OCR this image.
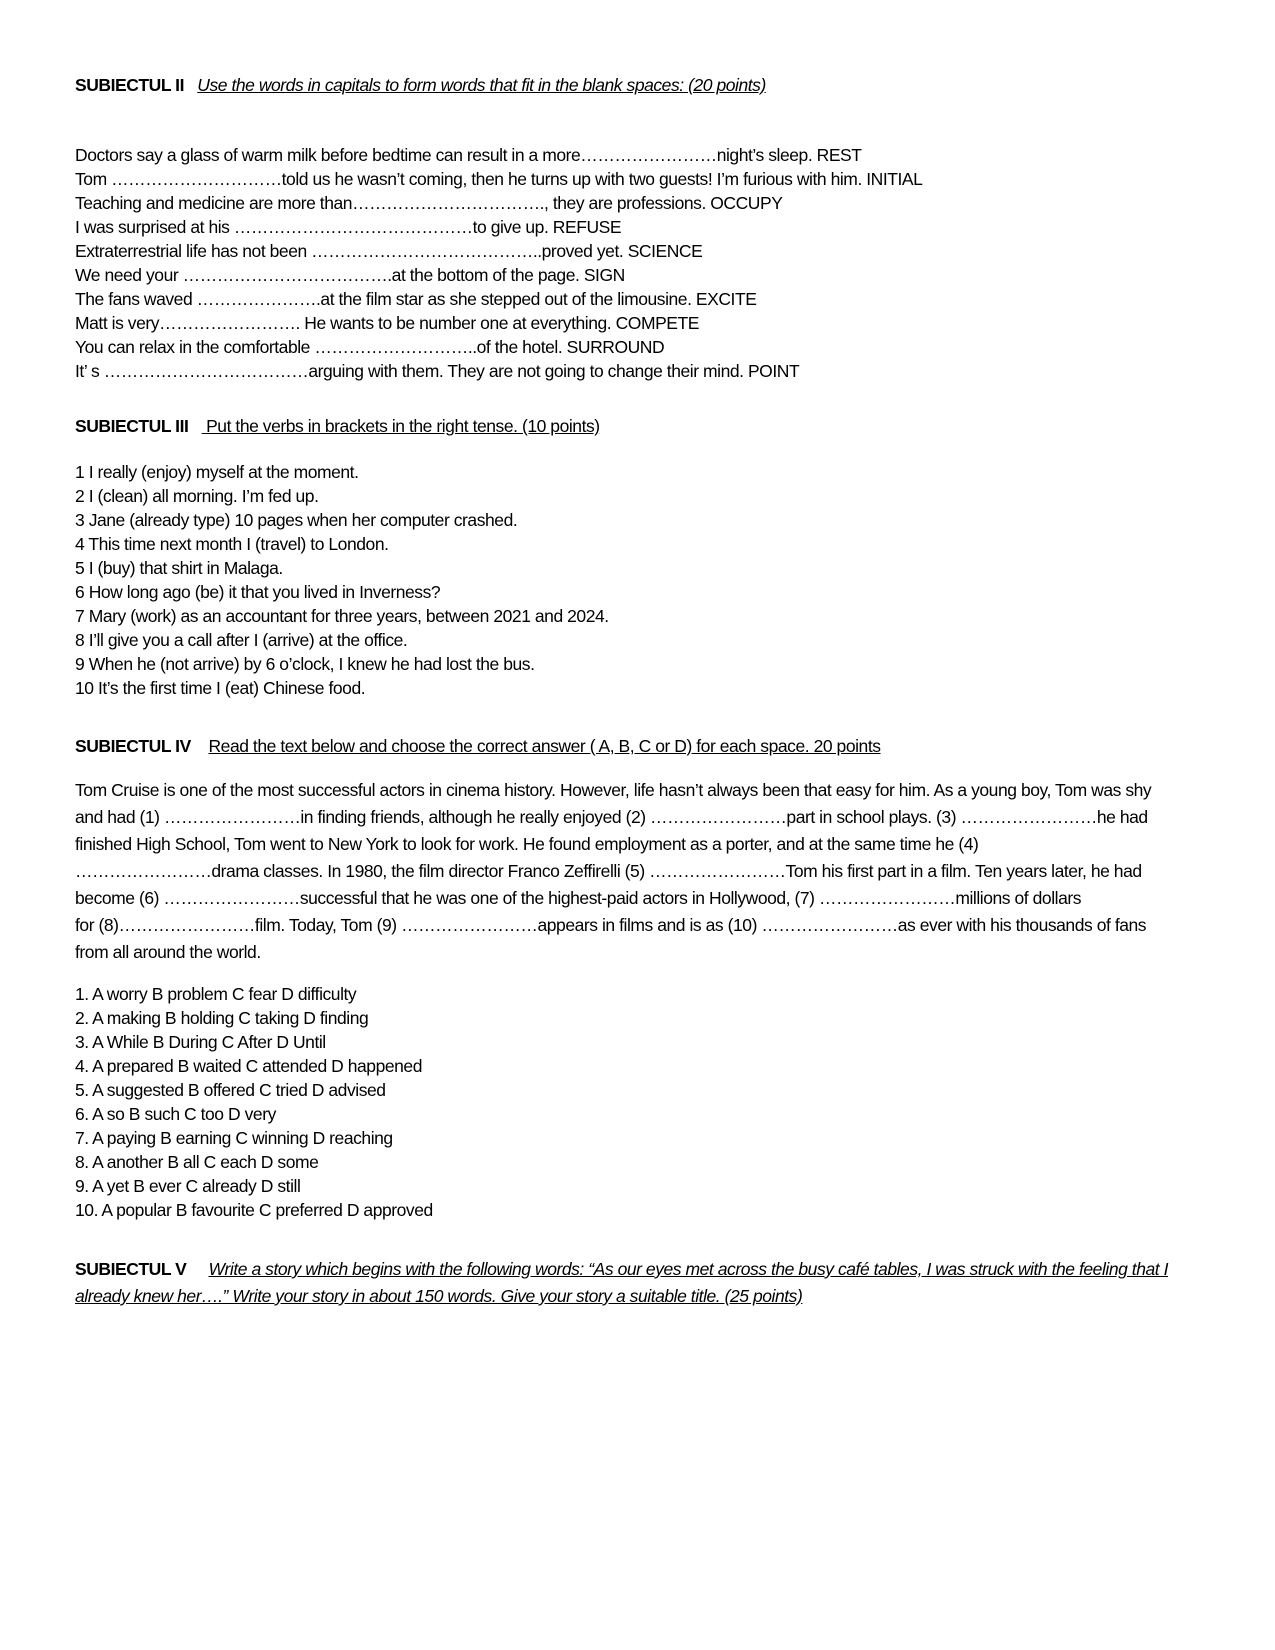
SUBIECTUL II Use the words in capitals to form words that fit in the blank spaces: (20 points)
Doctors say a glass of warm milk before bedtime can result in a more……………………night’s sleep. REST
Tom …………………………told us he wasn’t coming, then he turns up with two guests! I’m furious with him. INITIAL
Teaching and medicine are more than……………………………., they are professions. OCCUPY
I was surprised at his ……………………………………to give up. REFUSE
Extraterrestrial life has not been …………………………………..proved yet. SCIENCE
We need your ……………………………….at the bottom of the page. SIGN
The fans waved ………………….at the film star as she stepped out of the limousine. EXCITE
Matt is very……………………. He wants to be number one at everything. COMPETE
You can relax in the comfortable ………………………..of the hotel. SURROUND
It’ s ………………………………arguing with them. They are not going to change their mind. POINT
SUBIECTUL III    Put the verbs in brackets in the right tense. (10 points)
1 I really (enjoy) myself at the moment.
2 I (clean) all morning. I’m fed up.
3 Jane (already type) 10 pages when her computer crashed.
4 This time next month I (travel) to London.
5 I (buy) that shirt in Malaga.
6 How long ago (be) it that you lived in Inverness?
7 Mary (work) as an accountant for three years, between 2021 and 2024.
8 I’ll give you a call after I (arrive) at the office.
9 When he (not arrive) by 6 o’clock, I knew he had lost the bus.
10 It’s the first time I (eat) Chinese food.
SUBIECTUL IV Read the text below and choose the correct answer ( A, B, C or D) for each space. 20 points
Tom Cruise is one of the most successful actors in cinema history. However, life hasn’t always been that easy for him. As a young boy, Tom was shy
and had (1) ……………………in finding friends, although he really enjoyed (2) ……………………part in school plays. (3) ……………………he had
finished High School, Tom went to New York to look for work. He found employment as a porter, and at the same time he (4)
……………………drama classes. In 1980, the film director Franco Zeffirelli (5) ……………………Tom his first part in a film. Ten years later, he had
become (6) ……………………successful that he was one of the highest-paid actors in Hollywood, (7) ……………………millions of dollars
for (8)……………………film. Today, Tom (9) ……………………appears in films and is as (10) ……………………as ever with his thousands of fans
from all around the world.
1. A worry B problem C fear D difficulty
2. A making B holding C taking D finding
3. A While B During C After D Until
4. A prepared B waited C attended D happened
5. A suggested B offered C tried D advised
6. A so B such C too D very
7. A paying B earning C winning D reaching
8. A another B all C each D some
9. A yet B ever C already D still
10. A popular B favourite C preferred D approved
SUBIECTUL V Write a story which begins with the following words: “As our eyes met across the busy café tables, I was struck with the feeling that I already knew her….” Write your story in about 150 words. Give your story a suitable title. (25 points)
